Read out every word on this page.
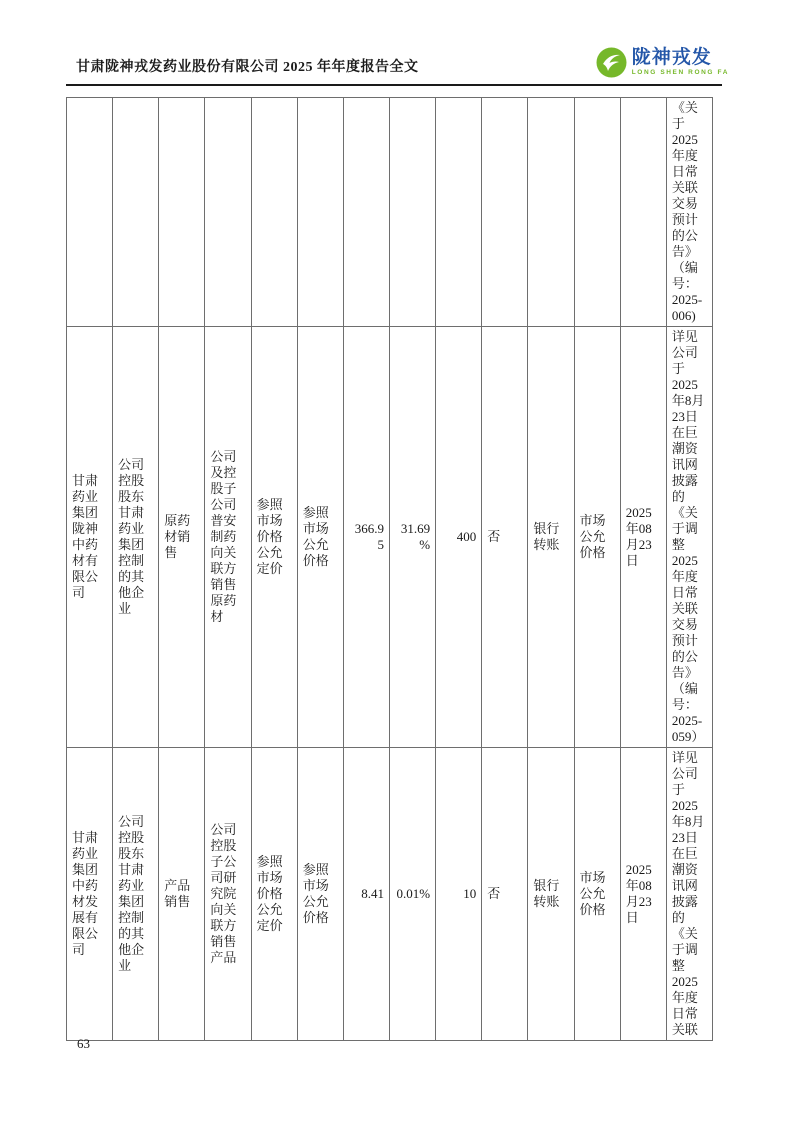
甘肃陇神戎发药业股份有限公司 2025 年年度报告全文	陇神戎发
LONG SHEN RONG FA
													《关于2025年度日常关联交易预计的公告》（编号：2025-006)
甘肃药业集团陇神中药材有限公司	公司控股股东甘肃药业集团控制的其他企业	原药材销售	公司及控股子公司普安制药向关联方销售原药材	参照市场价格公允定价	参照市场公允价格	366.95	31.69%	400	否	银行转账	市场公允价格	2025年08月23日	详见公司于2025年8月23日在巨潮资讯网披露的《关于调整2025年度日常关联交易预计的公告》（编号：2025-059）
甘肃药业集团中药材发展有限公司	公司控股股东甘肃药业集团控制的其他企业	产品销售	公司控股子公司研究院向关联方销售产品	参照市场价格公允定价	参照市场公允价格	8.41	0.01%	10	否	银行转账	市场公允价格	2025年08月23日	详见公司于2025年8月23日在巨潮资讯网披露的《关于调整2025年度日常关联
63
